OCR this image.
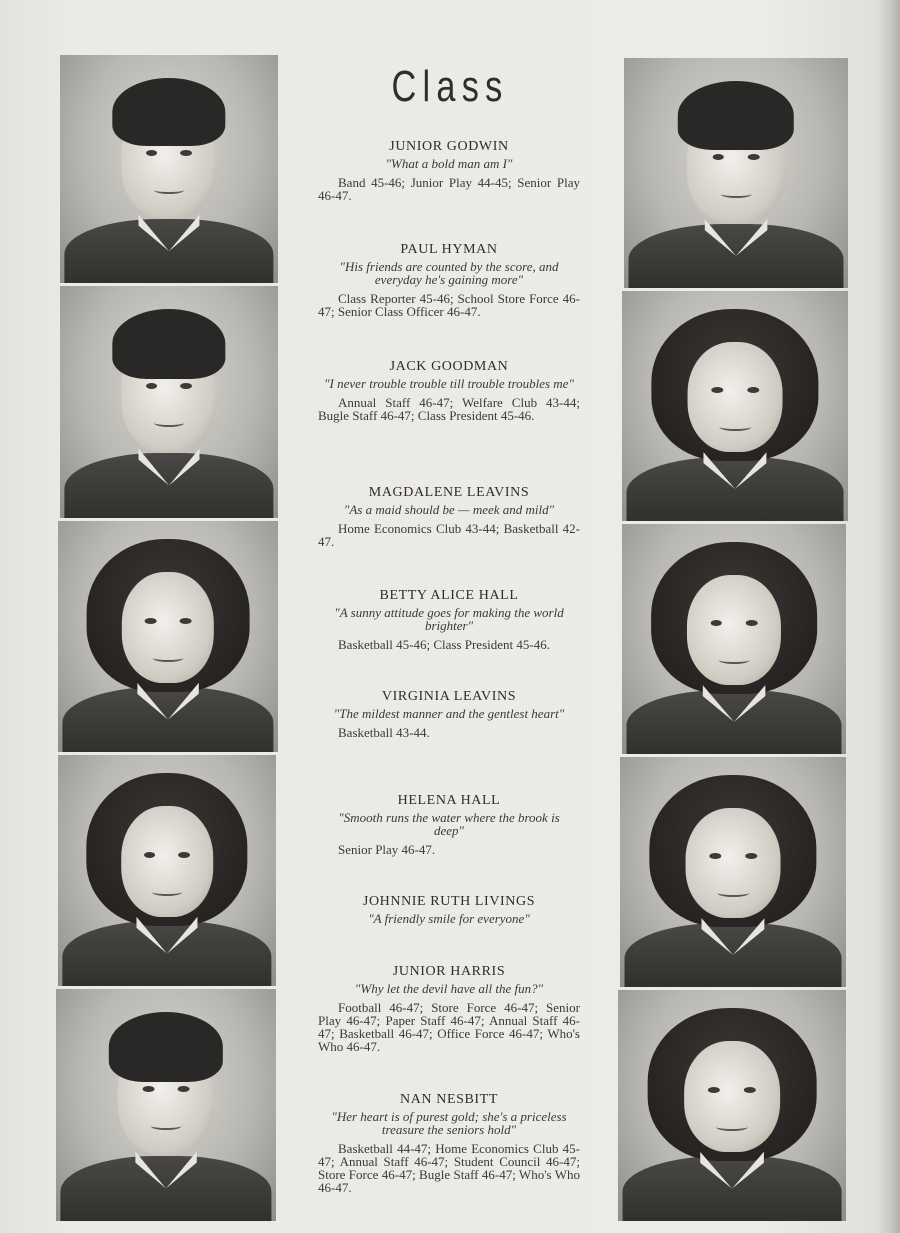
Class
JUNIOR GODWIN
"What a bold man am I"
Band 45-46; Junior Play 44-45; Senior Play 46-47.
PAUL HYMAN
"His friends are counted by the score, and everyday he's gaining more"
Class Reporter 45-46; School Store Force 46-47; Senior Class Officer 46-47.
JACK GOODMAN
"I never trouble trouble till trouble troubles me"
Annual Staff 46-47; Welfare Club 43-44; Bugle Staff 46-47; Class President 45-46.
MAGDALENE LEAVINS
"As a maid should be — meek and mild"
Home Economics Club 43-44; Basketball 42-47.
BETTY ALICE HALL
"A sunny attitude goes for making the world brighter"
Basketball 45-46; Class President 45-46.
VIRGINIA LEAVINS
"The mildest manner and the gentlest heart"
Basketball 43-44.
HELENA HALL
"Smooth runs the water where the brook is deep"
Senior Play 46-47.
JOHNNIE RUTH LIVINGS
"A friendly smile for everyone"
JUNIOR HARRIS
"Why let the devil have all the fun?"
Football 46-47; Store Force 46-47; Senior Play 46-47; Paper Staff 46-47; Annual Staff 46-47; Basketball 46-47; Office Force 46-47; Who's Who 46-47.
NAN NESBITT
"Her heart is of purest gold; she's a priceless treasure the seniors hold"
Basketball 44-47; Home Economics Club 45-47; Annual Staff 46-47; Student Council 46-47; Store Force 46-47; Bugle Staff 46-47; Who's Who 46-47.
